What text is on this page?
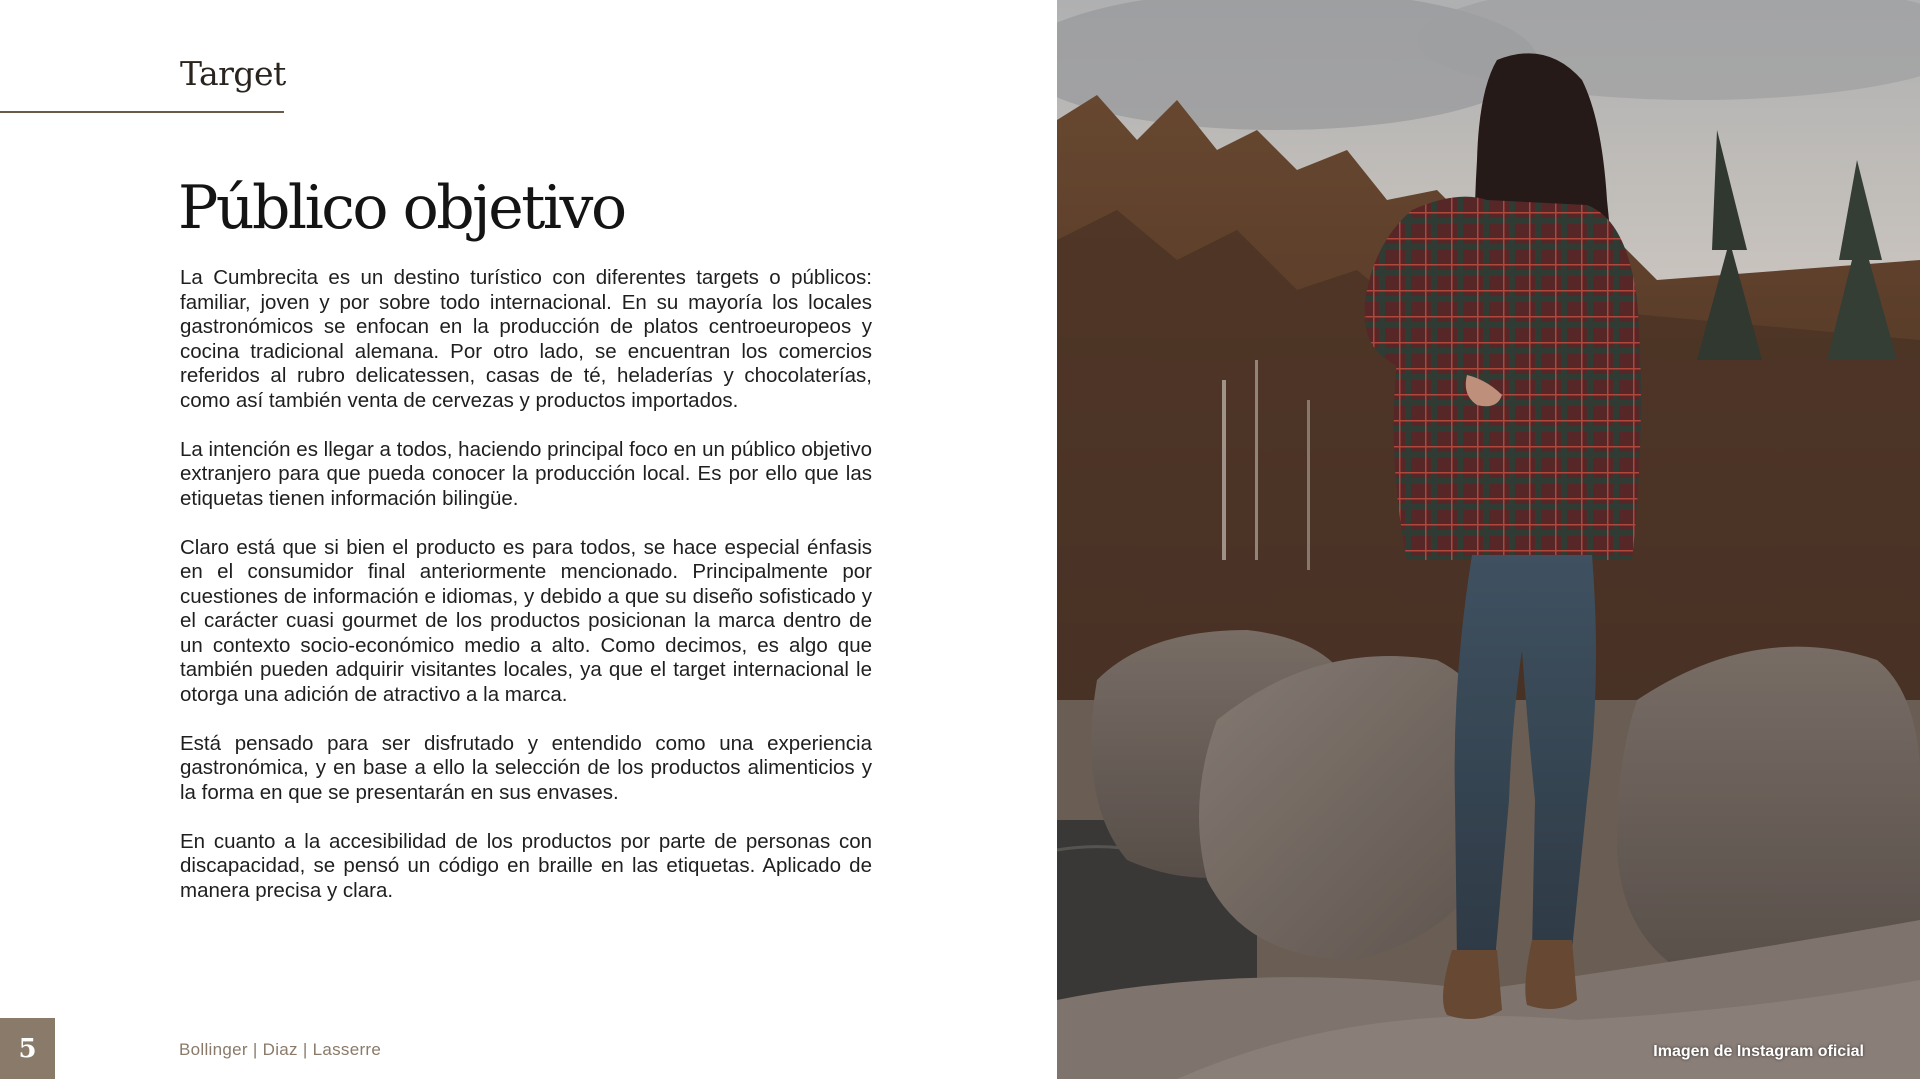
Target
Público objetivo

La Cumbrecita es un destino turístico con diferentes targets o públicos: familiar, joven y por sobre todo internacional. En su mayoría los locales gastronómicos se enfocan en la producción de platos centroeuropeos y cocina tradicional alemana. Por otro lado, se encuentran los comercios referidos al rubro delicatessen, casas de té, heladerías y chocolaterías, como así también venta de cervezas y productos importados.

La intención es llegar a todos, haciendo principal foco en un público objetivo extranjero para que pueda conocer la producción local. Es por ello que las etiquetas tienen información bilingüe.

Claro está que si bien el producto es para todos, se hace especial énfasis en el consumidor final anteriormente mencionado. Principalmente por cuestiones de información e idiomas, y debido a que su diseño sofisticado y el carácter cuasi gourmet de los productos posicionan la marca dentro de un contexto socio-económico medio a alto. Como decimos, es algo que también pueden adquirir visitantes locales, ya que el target internacional le otorga una adición de atractivo a la marca.

Está pensado para ser disfrutado y entendido como una experiencia gastronómica, y en base a ello la selección de los productos alimenticios y la forma en que se presentarán en sus envases.

En cuanto a la accesibilidad de los productos por parte de personas con discapacidad, se pensó un código en braille en las etiquetas. Aplicado de manera precisa y clara.

5	Bollinger | Diaz | Lasserre	Imagen de Instagram oficial
